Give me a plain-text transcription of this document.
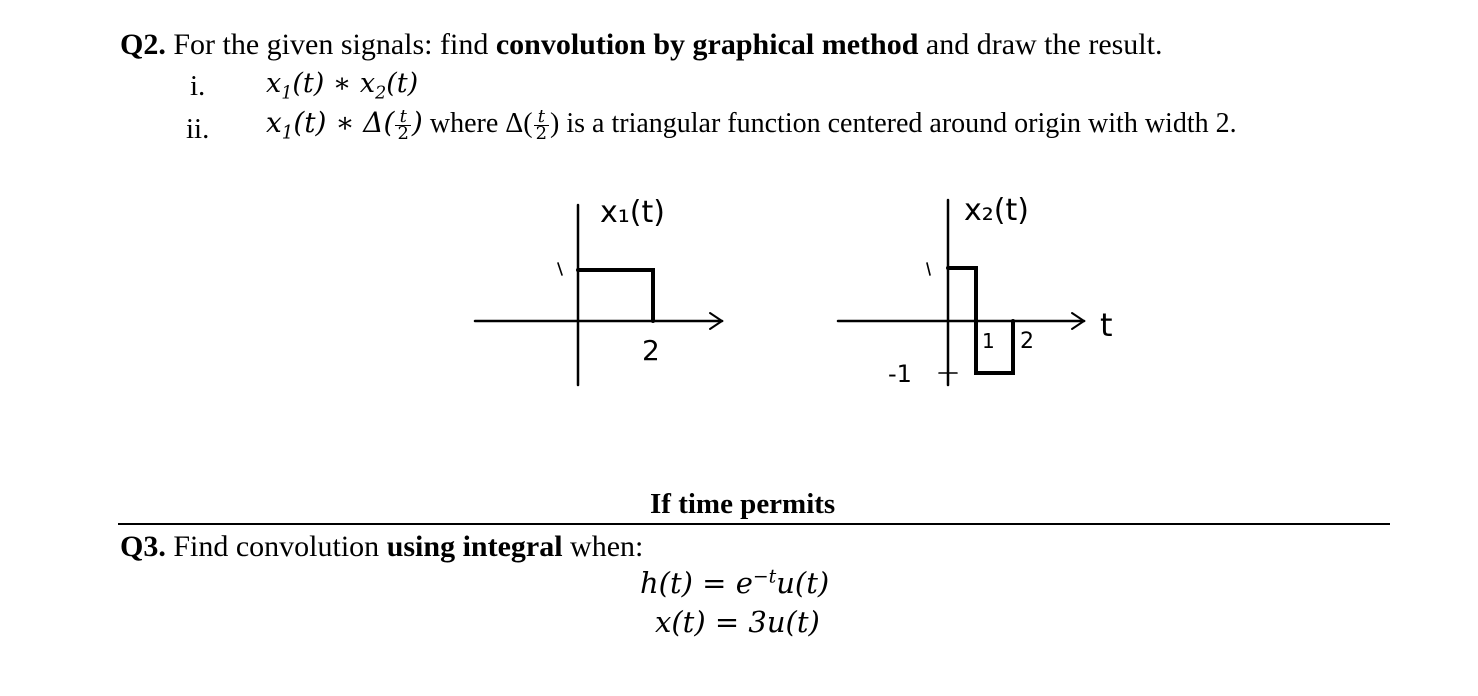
Q2. For the given signals: find convolution by graphical method and draw the result.
i. $x_1(t)$ ∗ $x_2(t)$
ii. $x_1(t)$ ∗ $\Delta( \frac{t}{2}$ ) where $\Delta( \frac{t}{2}$ ) is a triangular function centered around origin with width 2.
x₁(t)
1
2
x₂(t)
1
-1
1 2 t
If time permits
Q3. Find convolution using integral when:
$h(t) = e^{-t}u(t)$
x(t) = 3u(t)
